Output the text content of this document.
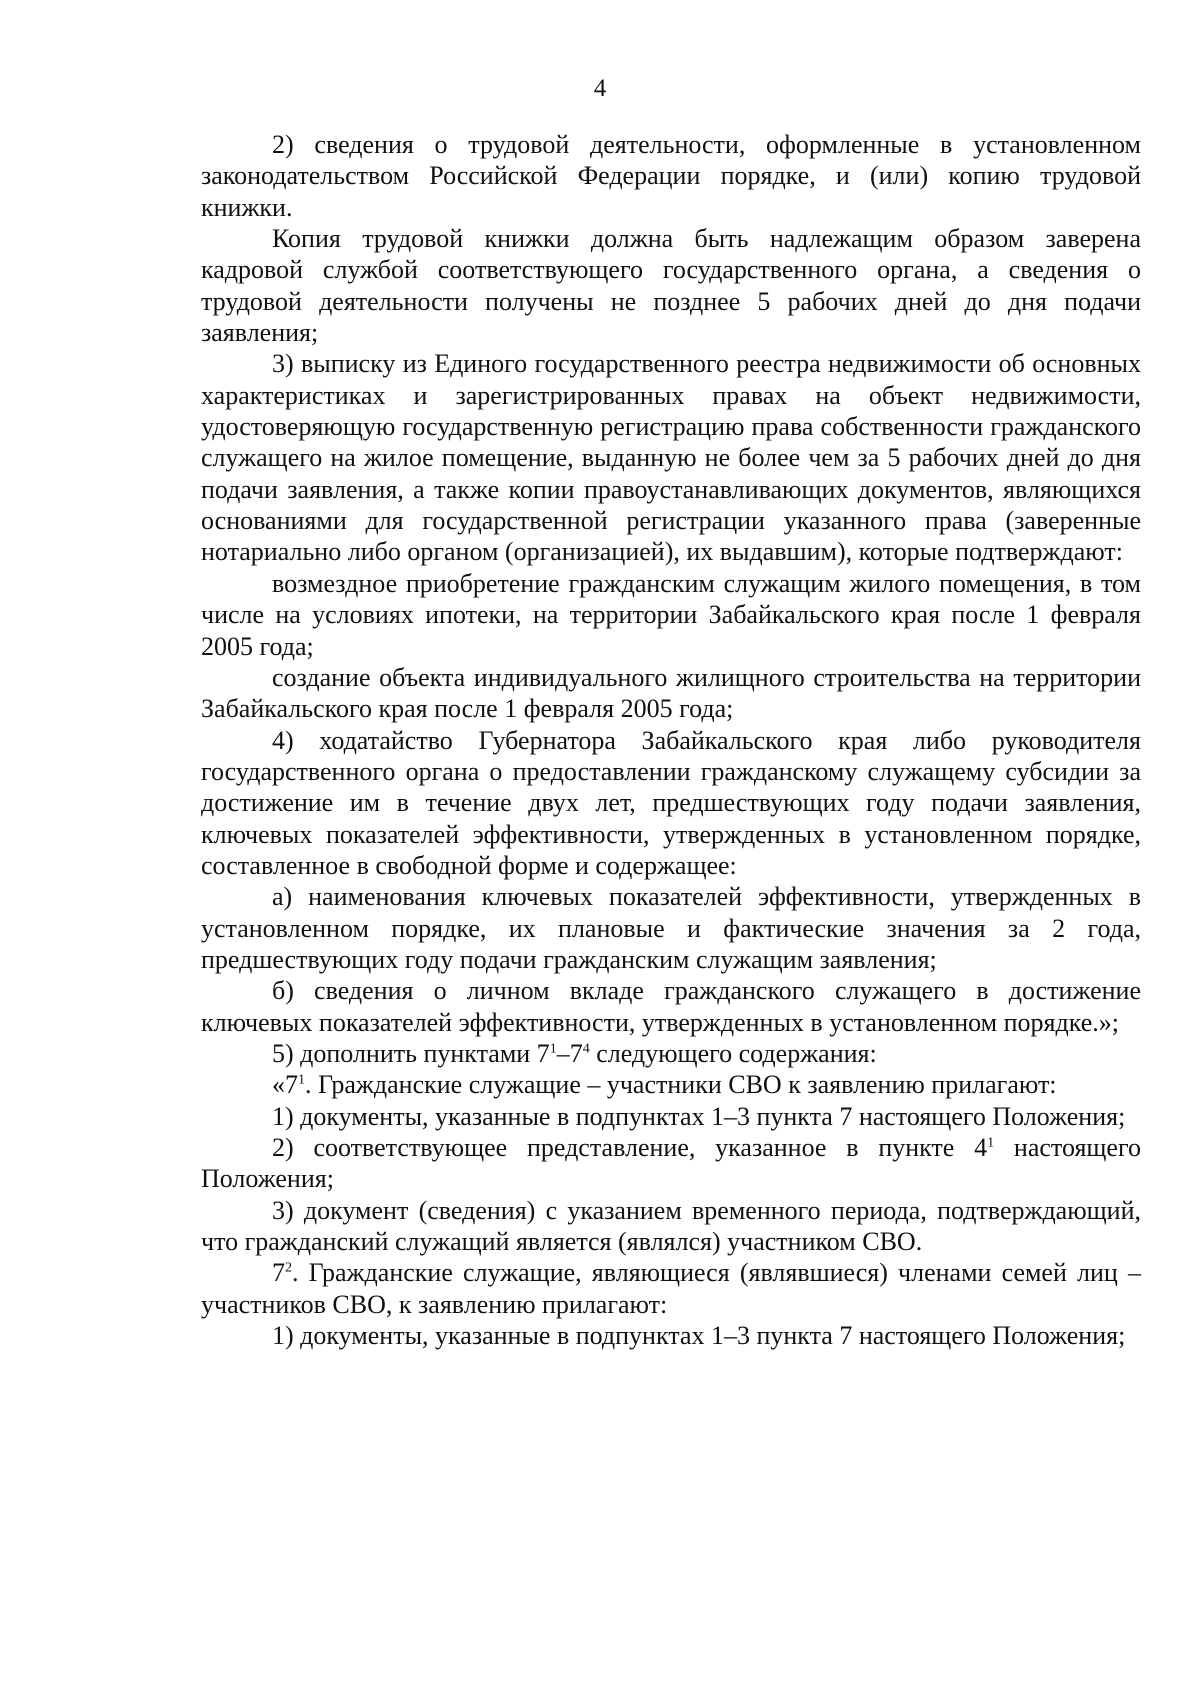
4

2) сведения о трудовой деятельности, оформленные в установленном законодательством Российской Федерации порядке, и (или) копию трудовой книжки.

Копия трудовой книжки должна быть надлежащим образом заверена кадровой службой соответствующего государственного органа, а сведения о трудовой деятельности получены не позднее 5 рабочих дней до дня подачи заявления;

3) выписку из Единого государственного реестра недвижимости об основных характеристиках и зарегистрированных правах на объект недвижимости, удостоверяющую государственную регистрацию права собственности гражданского служащего на жилое помещение, выданную не более чем за 5 рабочих дней до дня подачи заявления, а также копии правоустанавливающих документов, являющихся основаниями для государственной регистрации указанного права (заверенные нотариально либо органом (организацией), их выдавшим), которые подтверждают:

возмездное приобретение гражданским служащим жилого помещения, в том числе на условиях ипотеки, на территории Забайкальского края после 1 февраля 2005 года;

создание объекта индивидуального жилищного строительства на территории Забайкальского края после 1 февраля 2005 года;

4) ходатайство Губернатора Забайкальского края либо руководителя государственного органа о предоставлении гражданскому служащему субсидии за достижение им в течение двух лет, предшествующих году подачи заявления, ключевых показателей эффективности, утвержденных в установленном порядке, составленное в свободной форме и содержащее:

а) наименования ключевых показателей эффективности, утвержденных в установленном порядке, их плановые и фактические значения за 2 года, предшествующих году подачи гражданским служащим заявления;

б) сведения о личном вкладе гражданского служащего в достижение ключевых показателей эффективности, утвержденных в установленном порядке.»;

5) дополнить пунктами $7^1-7^4$ следующего содержания:

«$7^1$. Гражданские служащие – участники СВО к заявлению прилагают:

1) документы, указанные в подпунктах 1–3 пункта 7 настоящего Положения;

2) соответствующее представление, указанное в пункте $4^1$ настоящего Положения;

3) документ (сведения) с указанием временного периода, подтверждающий, что гражданский служащий является (являлся) участником СВО.

$7^2$. Гражданские служащие, являющиеся (являвшиеся) членами семей лиц – участников СВО, к заявлению прилагают:

1) документы, указанные в подпунктах 1–3 пункта 7 настоящего Положения;
